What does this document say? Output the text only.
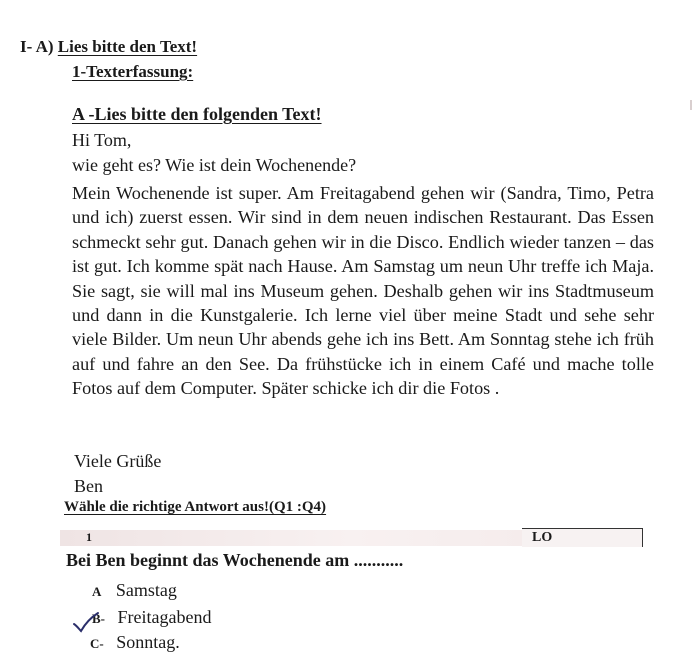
I- A) Lies bitte den Text!
1-Texterfassung:
A -Lies bitte den folgenden Text!
Hi Tom,
wie geht es? Wie ist dein Wochenende?

Mein Wochenende ist super. Am Freitagabend gehen wir (Sandra, Timo, Petra und ich) zuerst essen. Wir sind in dem neuen indischen Restaurant. Das Essen schmeckt sehr gut. Danach gehen wir in die Disco. Endlich wieder tanzen – das ist gut. Ich komme spät nach Hause. Am Samstag um neun Uhr treffe ich Maja. Sie sagt, sie will mal ins Museum gehen. Deshalb gehen wir ins Stadtmuseum und dann in die Kunstgalerie. Ich lerne viel über meine Stadt und sehe sehr viele Bilder. Um neun Uhr abends gehe ich ins Bett. Am Sonntag stehe ich früh auf und fahre an den See. Da frühstücke ich in einem Café und mache tolle Fotos auf dem Computer. Später schicke ich dir die Fotos .

Viele Grüße
Ben
Wähle die richtige Antwort aus!(Q1 :Q4)
1	LO
Bei Ben beginnt das Wochenende am ...........
A Samstag
B- Freitagabend
C- Sonntag.
